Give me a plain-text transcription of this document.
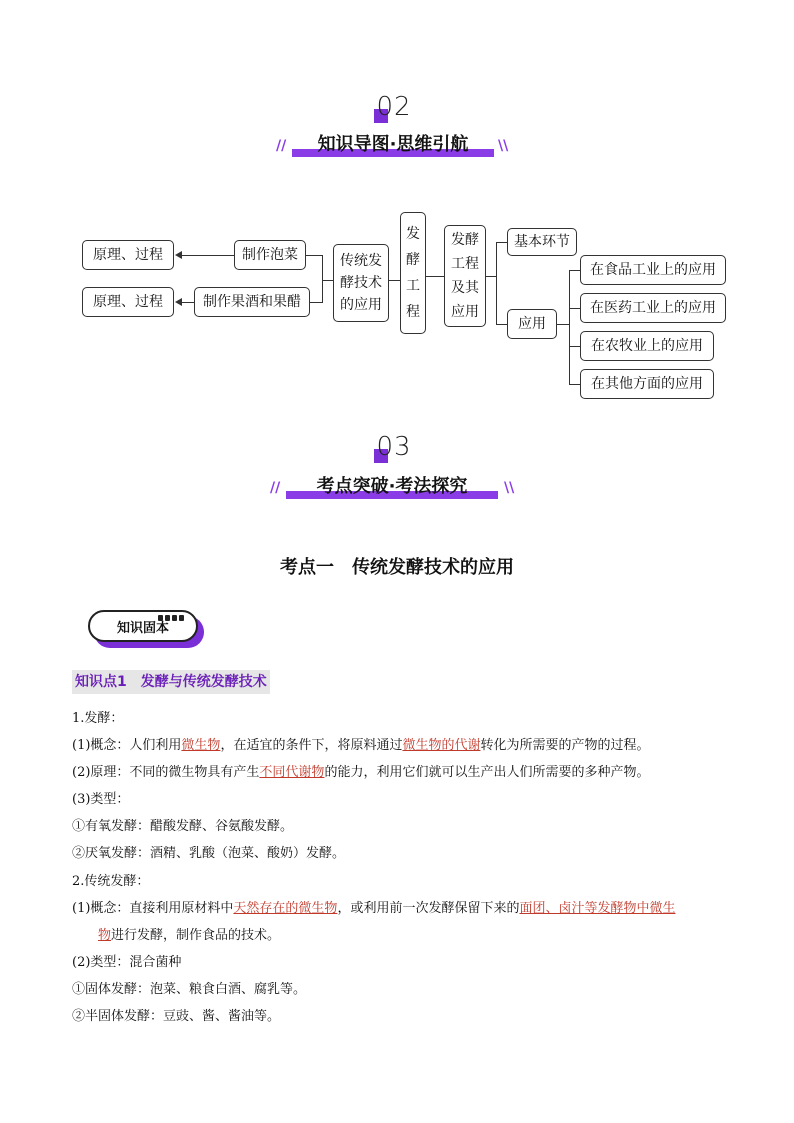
02
//	知识导图·思维引航	\\
原理、过程	制作泡菜
原理、过程	制作果酒和果醋
传统发酵技术的应用
发酵工程
发酵工程及其应用
基本环节
应用
在食品工业上的应用
在医药工业上的应用
在农牧业上的应用
在其他方面的应用
03
//	考点突破·考法探究	\\
考点一　传统发酵技术的应用
知识固本
知识点1　发酵与传统发酵技术
1.发酵：
(1)概念：人们利用微生物，在适宜的条件下，将原料通过微生物的代谢转化为所需要的产物的过程。
(2)原理：不同的微生物具有产生不同代谢物的能力，利用它们就可以生产出人们所需要的多种产物。
(3)类型：
①有氧发酵：醋酸发酵、谷氨酸发酵。
②厌氧发酵：酒精、乳酸（泡菜、酸奶）发酵。
2.传统发酵：
(1)概念：直接利用原材料中天然存在的微生物，或利用前一次发酵保留下来的面团、卤汁等发酵物中微生
物进行发酵，制作食品的技术。
(2)类型：混合菌种
①固体发酵：泡菜、粮食白酒、腐乳等。
②半固体发酵：豆豉、酱、酱油等。
